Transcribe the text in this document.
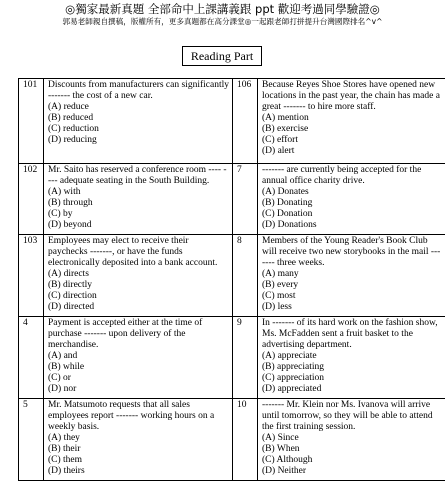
◎獨家最新真題 全部命中上課講義跟 ppt 歡迎考過同學驗證◎
郭易老師親自撰稿，版權所有，更多真題都在高分課堂◎一起跟老師打拼提升台灣國際排名^v^
Reading Part
101	Discounts from manufacturers can significantly ------- the cost of a new car.
(A) reduce
(B) reduced
(C) reduction
(D) reducing	106	Because Reyes Shoe Stores have opened new locations in the past year, the chain has made a great ------- to hire more staff.
(A) mention
(B) exercise
(C) effort
(D) alert

102	Mr. Saito has reserved a conference room ---- ---- adequate seating in the South Building.
(A) with
(B) through
(C) by
(D) beyond	7	------- are currently being accepted for the annual office charity drive.
(A) Donates
(B) Donating
(C) Donation
(D) Donations

103	Employees may elect to receive their paychecks -------, or have the funds electronically deposited into a bank account.
(A) directs
(B) directly
(C) direction
(D) directed	8	Members of the Young Reader's Book Club will receive two new storybooks in the mail ------- three weeks.
(A) many
(B) every
(C) most
(D) less

4	Payment is accepted either at the time of purchase ------- upon delivery of the merchandise.
(A) and
(B) while
(C) or
(D) nor	9	In ------- of its hard work on the fashion show, Ms. McFadden sent a fruit basket to the advertising department.
(A) appreciate
(B) appreciating
(C) appreciation
(D) appreciated

5	Mr. Matsumoto requests that all sales employees report ------- working hours on a weekly basis.
(A) they
(B) their
(C) them
(D) theirs	10	------- Mr. Klein nor Ms. Ivanova will arrive until tomorrow, so they will be able to attend the first training session.
(A) Since
(B) When
(C) Although
(D) Neither
